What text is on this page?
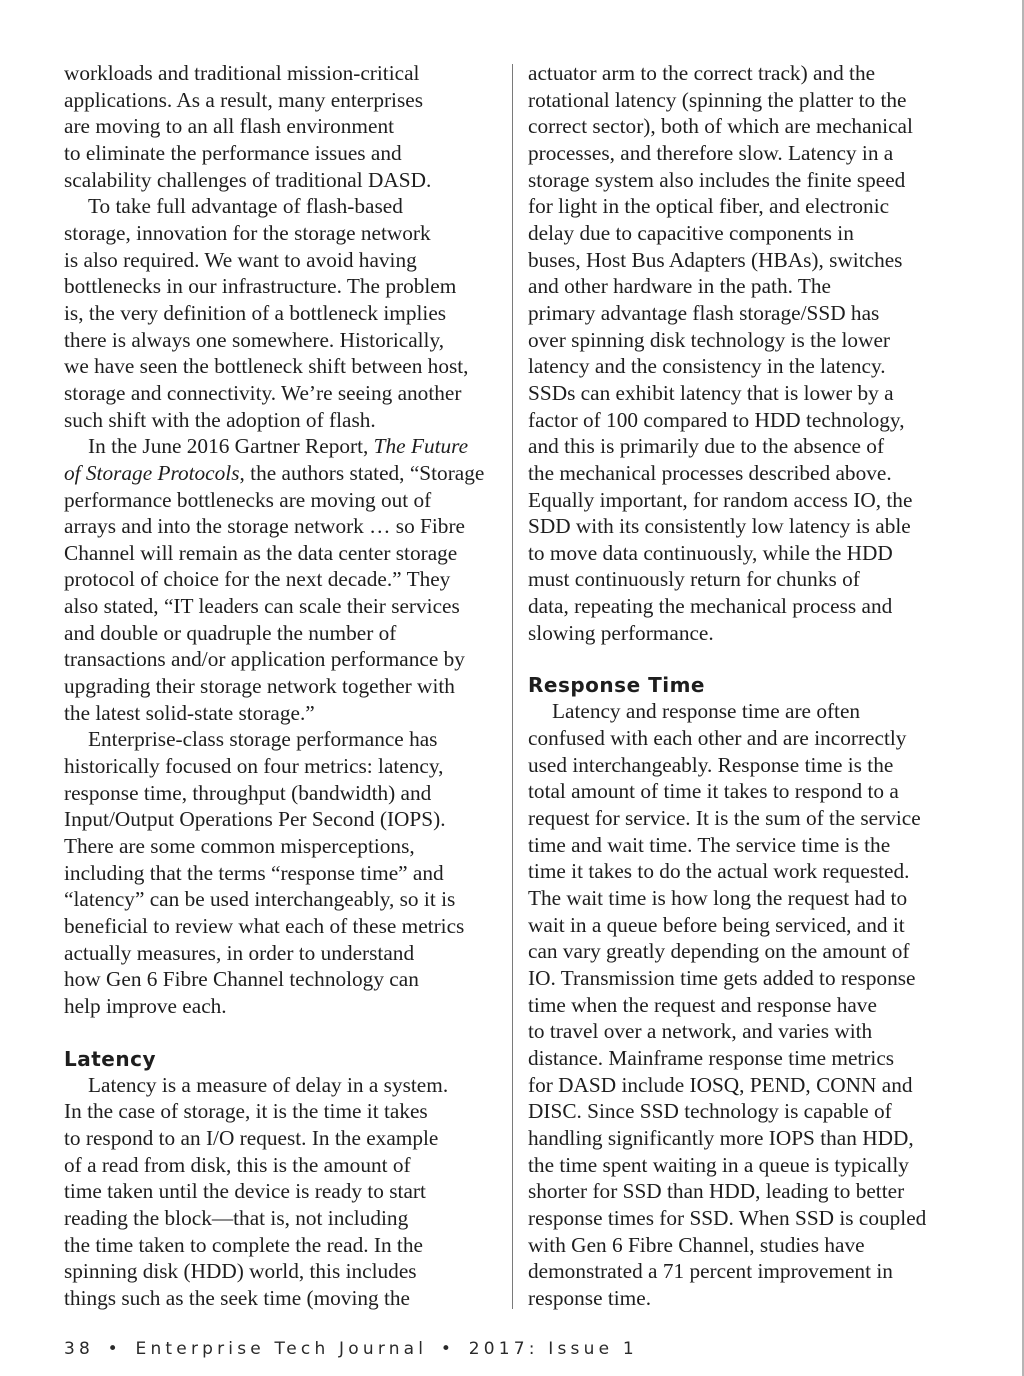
workloads and traditional mission-critical
applications. As a result, many enterprises
are moving to an all flash environment
to eliminate the performance issues and
scalability challenges of traditional DASD.

To take full advantage of flash-based
storage, innovation for the storage network
is also required. We want to avoid having
bottlenecks in our infrastructure. The problem
is, the very definition of a bottleneck implies
there is always one somewhere. Historically,
we have seen the bottleneck shift between host,
storage and connectivity. We’re seeing another
such shift with the adoption of flash.

In the June 2016 Gartner Report, The Future
of Storage Protocols, the authors stated, “Storage
performance bottlenecks are moving out of
arrays and into the storage network … so Fibre
Channel will remain as the data center storage
protocol of choice for the next decade.” They
also stated, “IT leaders can scale their services
and double or quadruple the number of
transactions and/or application performance by
upgrading their storage network together with
the latest solid-state storage.”

Enterprise-class storage performance has
historically focused on four metrics: latency,
response time, throughput (bandwidth) and
Input/Output Operations Per Second (IOPS).
There are some common misperceptions,
including that the terms “response time” and
“latency” can be used interchangeably, so it is
beneficial to review what each of these metrics
actually measures, in order to understand
how Gen 6 Fibre Channel technology can
help improve each.

Latency

Latency is a measure of delay in a system.
In the case of storage, it is the time it takes
to respond to an I/O request. In the example
of a read from disk, this is the amount of
time taken until the device is ready to start
reading the block—that is, not including
the time taken to complete the read. In the
spinning disk (HDD) world, this includes
things such as the seek time (moving the

actuator arm to the correct track) and the
rotational latency (spinning the platter to the
correct sector), both of which are mechanical
processes, and therefore slow. Latency in a
storage system also includes the finite speed
for light in the optical fiber, and electronic
delay due to capacitive components in
buses, Host Bus Adapters (HBAs), switches
and other hardware in the path. The
primary advantage flash storage/SSD has
over spinning disk technology is the lower
latency and the consistency in the latency.
SSDs can exhibit latency that is lower by a
factor of 100 compared to HDD technology,
and this is primarily due to the absence of
the mechanical processes described above.
Equally important, for random access IO, the
SDD with its consistently low latency is able
to move data continuously, while the HDD
must continuously return for chunks of
data, repeating the mechanical process and
slowing performance.

Response Time

Latency and response time are often
confused with each other and are incorrectly
used interchangeably. Response time is the
total amount of time it takes to respond to a
request for service. It is the sum of the service
time and wait time. The service time is the
time it takes to do the actual work requested.
The wait time is how long the request had to
wait in a queue before being serviced, and it
can vary greatly depending on the amount of
IO. Transmission time gets added to response
time when the request and response have
to travel over a network, and varies with
distance. Mainframe response time metrics
for DASD include IOSQ, PEND, CONN and
DISC. Since SSD technology is capable of
handling significantly more IOPS than HDD,
the time spent waiting in a queue is typically
shorter for SSD than HDD, leading to better
response times for SSD. When SSD is coupled
with Gen 6 Fibre Channel, studies have
demonstrated a 71 percent improvement in
response time.

38 • Enterprise Tech Journal • 2017: Issue 1
